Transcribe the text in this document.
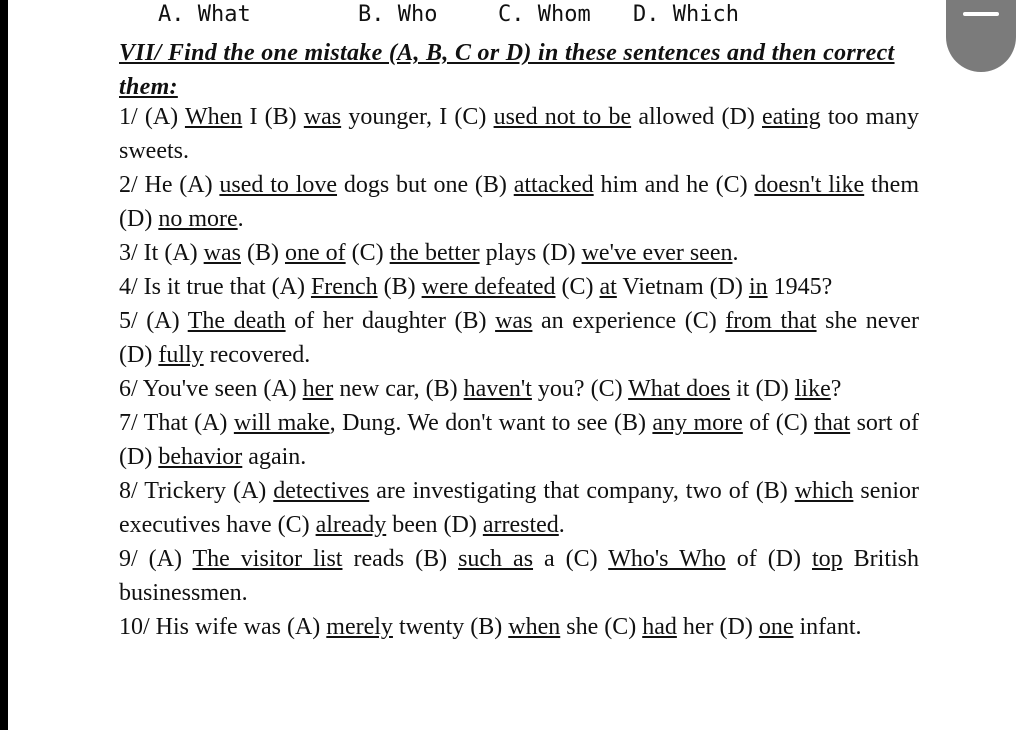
A. What	B. Who	C. Whom D. Which
VII/ Find the one mistake (A, B, C or D) in these sentences and then correct them:
1/ (A) When I (B) was younger, I (C) used not to be allowed (D) eating too many sweets.
2/ He (A) used to love dogs but one (B) attacked him and he (C) doesn't like them (D) no more.
3/ It (A) was (B) one of (C) the better plays (D) we've ever seen.
4/ Is it true that (A) French (B) were defeated (C) at Vietnam (D) in 1945?
5/ (A) The death of her daughter (B) was an experience (C) from that she never (D) fully recovered.
6/ You've seen (A) her new car, (B) haven't you? (C) What does it (D) like?
7/ That (A) will make, Dung. We don't want to see (B) any more of (C) that sort of (D) behavior again.
8/ Trickery (A) detectives are investigating that company, two of (B) which senior executives have (C) already been (D) arrested.
9/ (A) The visitor list reads (B) such as a (C) Who's Who of (D) top British businessmen.
10/ His wife was (A) merely twenty (B) when she (C) had her (D) one infant.
